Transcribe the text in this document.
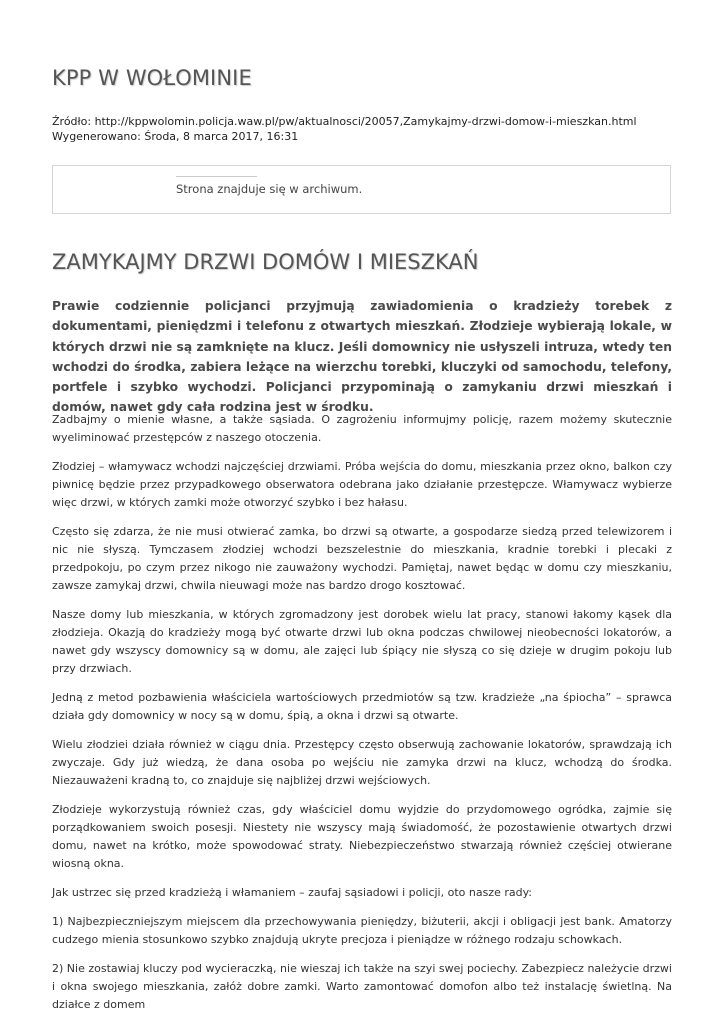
KPP W WOŁOMINIE
Źródło: http://kppwolomin.policja.waw.pl/pw/aktualnosci/20057,Zamykajmy-drzwi-domow-i-mieszkan.html
Wygenerowano: Środa, 8 marca 2017, 16:31
Strona znajduje się w archiwum.
ZAMYKAJMY DRZWI DOMÓW I MIESZKAŃ

Prawie codziennie policjanci przyjmują zawiadomienia o kradzieży torebek z dokumentami, pieniędzmi i telefonu z otwartych mieszkań. Złodzieje wybierają lokale, w których drzwi nie są zamknięte na klucz. Jeśli domownicy nie usłyszeli intruza, wtedy ten wchodzi do środka, zabiera leżące na wierzchu torebki, kluczyki od samochodu, telefony, portfele i szybko wychodzi. Policjanci przypominają o zamykaniu drzwi mieszkań i domów, nawet gdy cała rodzina jest w środku.

Zadbajmy o mienie własne, a także sąsiada. O zagrożeniu informujmy policję, razem możemy skutecznie wyeliminować przestępców z naszego otoczenia.

Złodziej – włamywacz wchodzi najczęściej drzwiami. Próba wejścia do domu, mieszkania przez okno, balkon czy piwnicę będzie przez przypadkowego obserwatora odebrana jako działanie przestępcze. Włamywacz wybierze więc drzwi, w których zamki może otworzyć szybko i bez hałasu.

Często się zdarza, że nie musi otwierać zamka, bo drzwi są otwarte, a gospodarze siedzą przed telewizorem i nic nie słyszą. Tymczasem złodziej wchodzi bezszelestnie do mieszkania, kradnie torebki i plecaki z przedpokoju, po czym przez nikogo nie zauważony wychodzi. Pamiętaj, nawet będąc w domu czy mieszkaniu, zawsze zamykaj drzwi, chwila nieuwagi może nas bardzo drogo kosztować.

Nasze domy lub mieszkania, w których zgromadzony jest dorobek wielu lat pracy, stanowi łakomy kąsek dla złodzieja. Okazją do kradzieży mogą być otwarte drzwi lub okna podczas chwilowej nieobecności lokatorów, a nawet gdy wszyscy domownicy są w domu, ale zajęci lub śpiący nie słyszą co się dzieje w drugim pokoju lub przy drzwiach.

Jedną z metod pozbawienia właściciela wartościowych przedmiotów są tzw. kradzieże „na śpiocha” – sprawca działa gdy domownicy w nocy są w domu, śpią, a okna i drzwi są otwarte.

Wielu złodziei działa również w ciągu dnia. Przestępcy często obserwują zachowanie lokatorów, sprawdzają ich zwyczaje. Gdy już wiedzą, że dana osoba po wejściu nie zamyka drzwi na klucz, wchodzą do środka. Niezauważeni kradną to, co znajduje się najbliżej drzwi wejściowych.

Złodzieje wykorzystują również czas, gdy właściciel domu wyjdzie do przydomowego ogródka, zajmie się porządkowaniem swoich posesji. Niestety nie wszyscy mają świadomość, że pozostawienie otwartych drzwi domu, nawet na krótko, może spowodować straty. Niebezpieczeństwo stwarzają również częściej otwierane wiosną okna.

Jak ustrzec się przed kradzieżą i włamaniem – zaufaj sąsiadowi i policji, oto nasze rady:

1) Najbezpieczniejszym miejscem dla przechowywania pieniędzy, biżuterii, akcji i obligacji jest bank. Amatorzy cudzego mienia stosunkowo szybko znajdują ukryte precjoza i pieniądze w różnego rodzaju schowkach.

2) Nie zostawiaj kluczy pod wycieraczką, nie wieszaj ich także na szyi swej pociechy. Zabezpiecz należycie drzwi i okna swojego mieszkania, załóż dobre zamki. Warto zamontować domofon albo też instalację świetlną. Na działce z domem
